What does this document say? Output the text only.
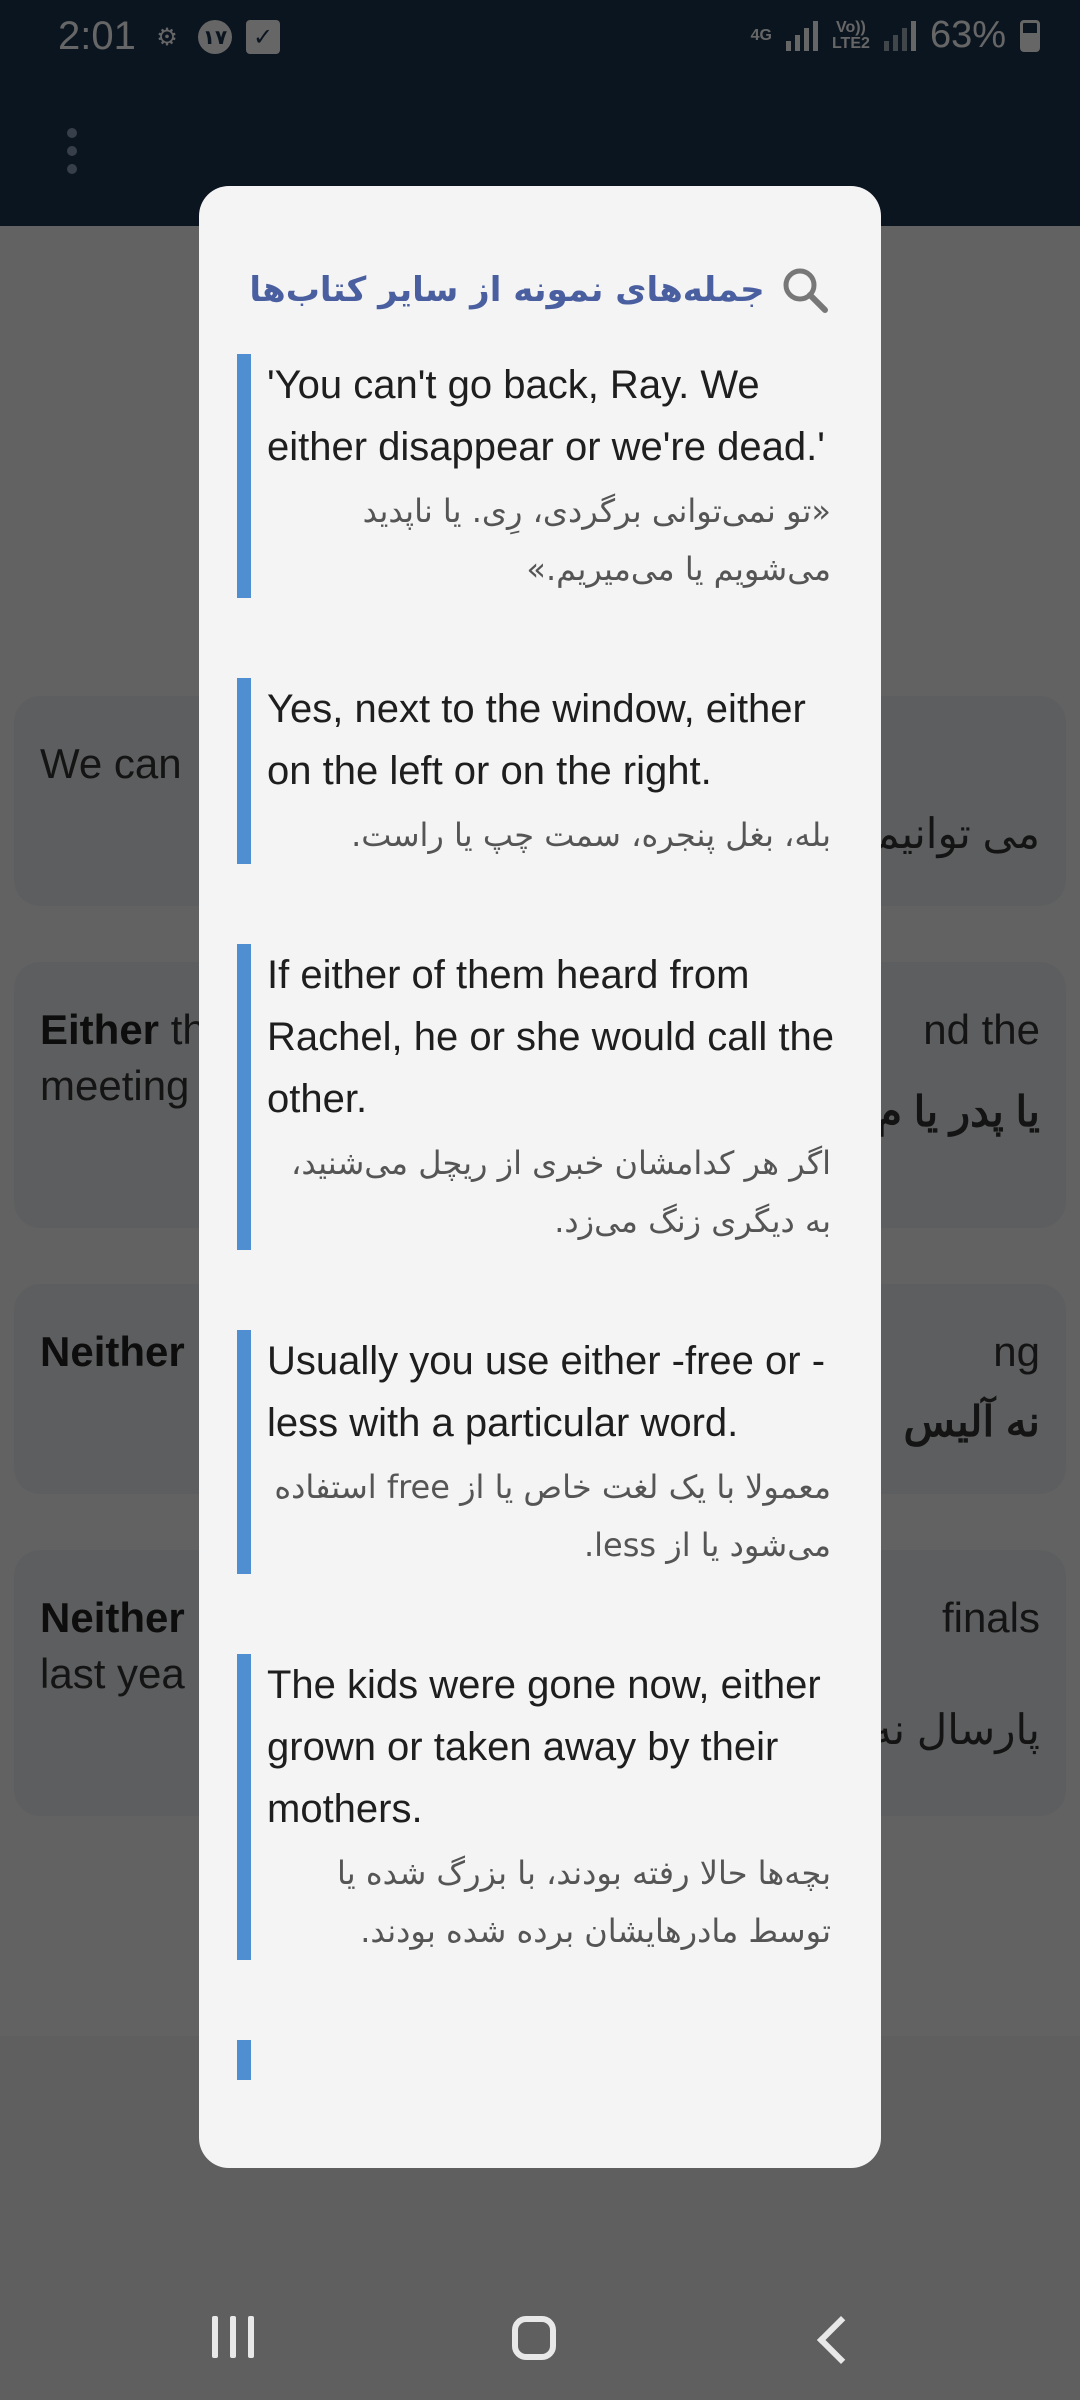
جمله‌های نمونه از سایر کتاب‌ها
'You can't go back, Ray. We either disappear or we're dead.'
«تو نمی‌توانی برگردی، رِی. یا ناپدید می‌شویم یا می‌میریم.»
Yes, next to the window, either on the left or on the right.
بله، بغل پنجره، سمت چپ یا راست.
If either of them heard from Rachel, he or she would call the other.
اگر هر کدامشان خبری از ریچل می‌شنید، به دیگری زنگ می‌زد.
Usually you use either -free or -less with a particular word.
معمولا با یک لغت خاص یا از free استفاده می‌شود یا از less.
The kids were gone now, either grown or taken away by their mothers.
بچه‌ها حالا رفته بودند، با بزرگ شده یا توسط مادرهایشان برده شده بودند.
